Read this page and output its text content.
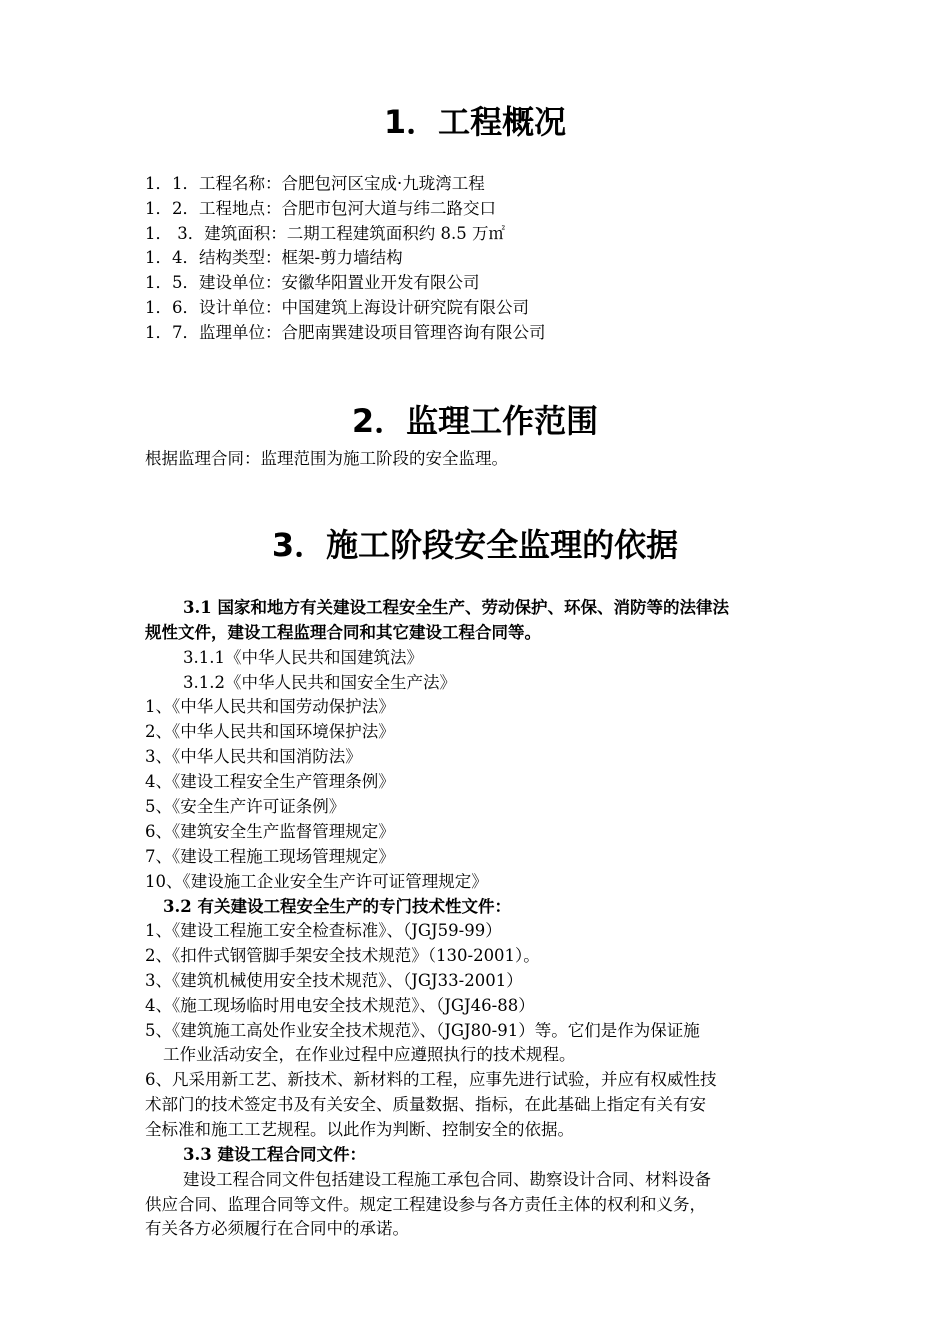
1．工程概况
1．1．工程名称：合肥包河区宝成·九珑湾工程
1．2．工程地点：合肥市包河大道与纬二路交口
1． 3．建筑面积：二期工程建筑面积约 8.5 万㎡
1．4．结构类型：框架-剪力墙结构
1．5．建设单位：安徽华阳置业开发有限公司
1．6．设计单位：中国建筑上海设计研究院有限公司
1．7．监理单位：合肥南巽建设项目管理咨询有限公司
2．监理工作范围
根据监理合同：监理范围为施工阶段的安全监理。
3．施工阶段安全监理的依据
3.1 国家和地方有关建设工程安全生产、劳动保护、环保、消防等的法律法
规性文件，建设工程监理合同和其它建设工程合同等。
3.1.1《中华人民共和国建筑法》
3.1.2《中华人民共和国安全生产法》
1、《中华人民共和国劳动保护法》
2、《中华人民共和国环境保护法》
3、《中华人民共和国消防法》
4、《建设工程安全生产管理条例》
5、《安全生产许可证条例》
6、《建筑安全生产监督管理规定》
7、《建设工程施工现场管理规定》
10、《建设施工企业安全生产许可证管理规定》
3.2 有关建设工程安全生产的专门技术性文件：
1、《建设工程施工安全检查标准》、（JGJ59-99）
2、《扣件式钢管脚手架安全技术规范》（130-2001）。
3、《建筑机械使用安全技术规范》、（JGJ33-2001）
4、《施工现场临时用电安全技术规范》、（JGJ46-88）
5、《建筑施工高处作业安全技术规范》、（JGJ80-91）等。它们是作为保证施
工作业活动安全，在作业过程中应遵照执行的技术规程。
6、凡采用新工艺、新技术、新材料的工程，应事先进行试验，并应有权威性技
术部门的技术签定书及有关安全、质量数据、指标，在此基础上指定有关有安
全标准和施工工艺规程。以此作为判断、控制安全的依据。
3.3 建设工程合同文件：
建设工程合同文件包括建设工程施工承包合同、勘察设计合同、材料设备
供应合同、监理合同等文件。规定工程建设参与各方责任主体的权利和义务，
有关各方必须履行在合同中的承诺。
